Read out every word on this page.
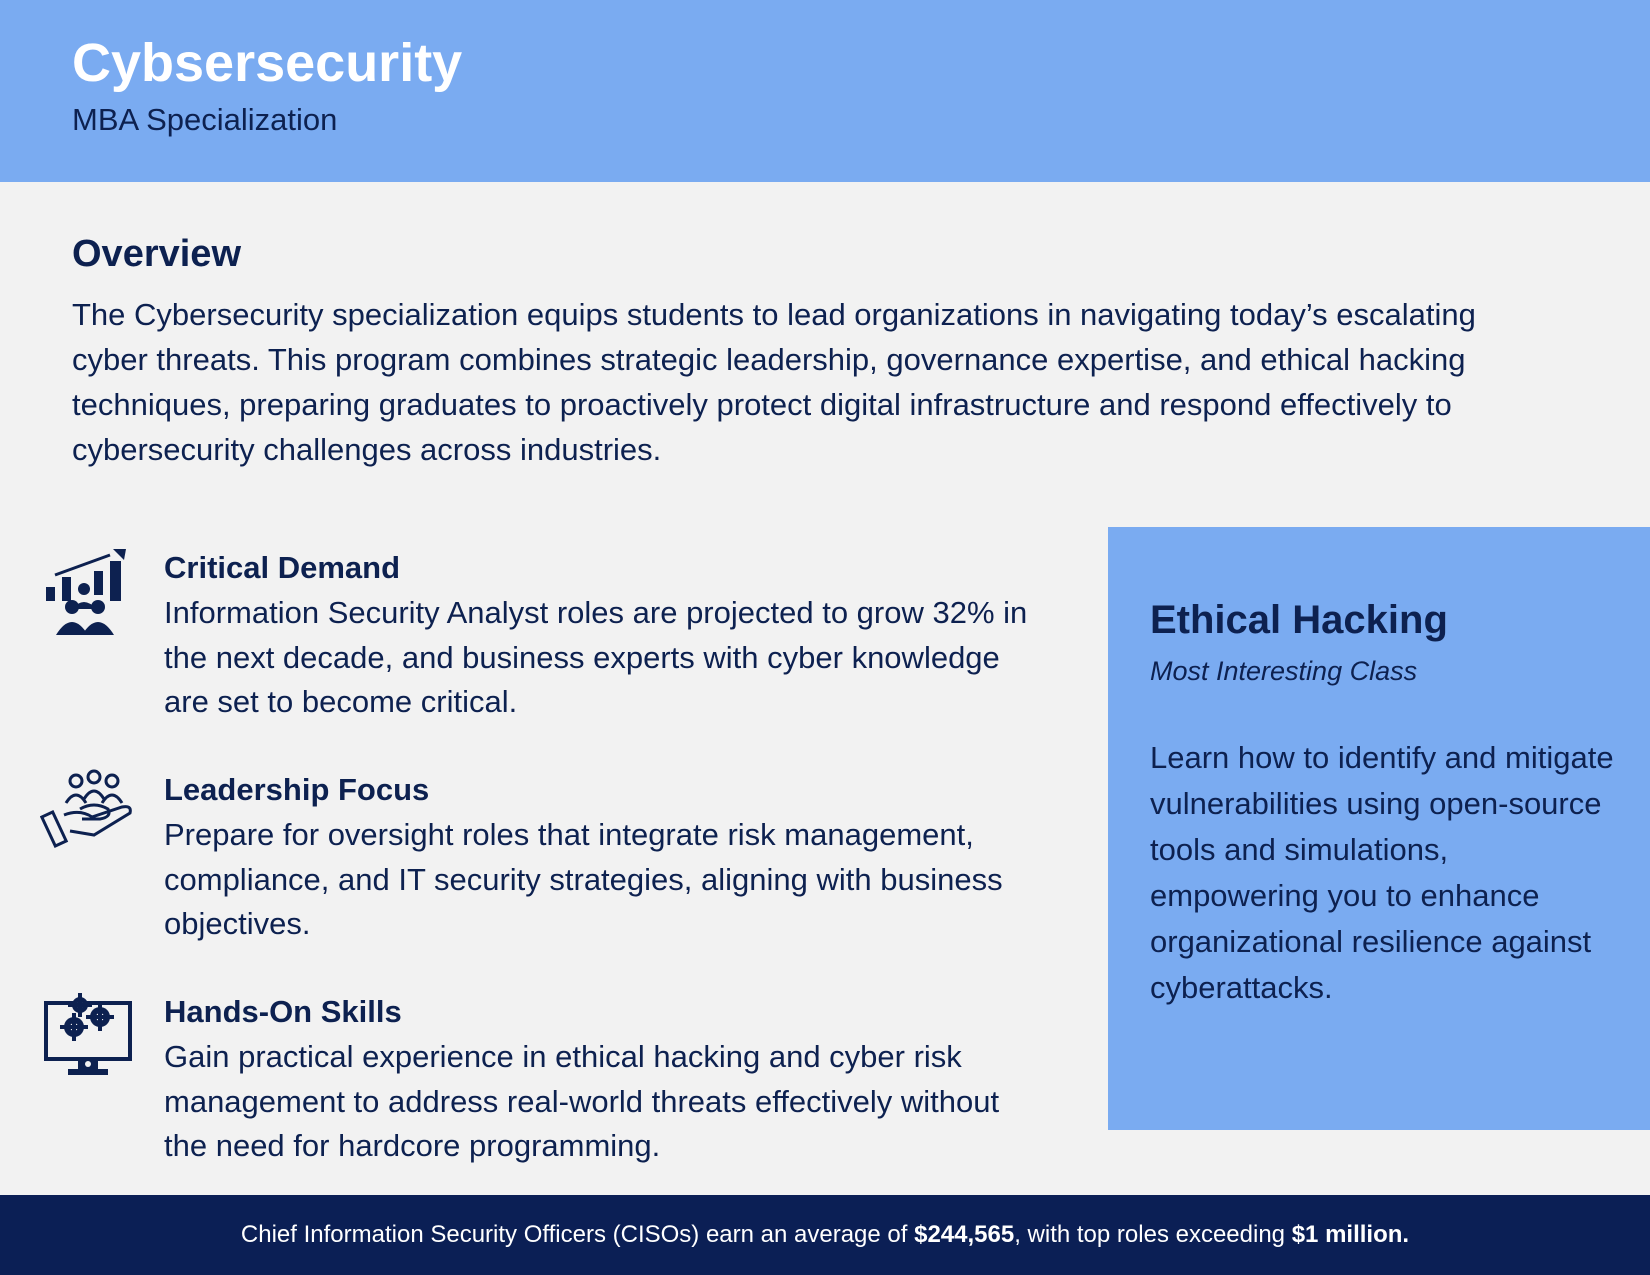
Cybsersecurity
MBA Specialization
Overview
The Cybersecurity specialization equips students to lead organizations in navigating today’s escalating cyber threats. This program combines strategic leadership, governance expertise, and ethical hacking techniques, preparing graduates to proactively protect digital infrastructure and respond effectively to cybersecurity challenges across industries.
Critical Demand
Information Security Analyst roles are projected to grow 32% in the next decade, and business experts with cyber knowledge are set to become critical.
Leadership Focus
Prepare for oversight roles that integrate risk management, compliance, and IT security strategies, aligning with business objectives.
Hands-On Skills
Gain practical experience in ethical hacking and cyber risk management to address real-world threats effectively without the need for hardcore programming.
Ethical Hacking
Most Interesting Class
Learn how to identify and mitigate vulnerabilities using open-source tools and simulations, empowering you to enhance organizational resilience against cyberattacks.
Chief Information Security Officers (CISOs) earn an average of $244,565, with top roles exceeding $1 million.
